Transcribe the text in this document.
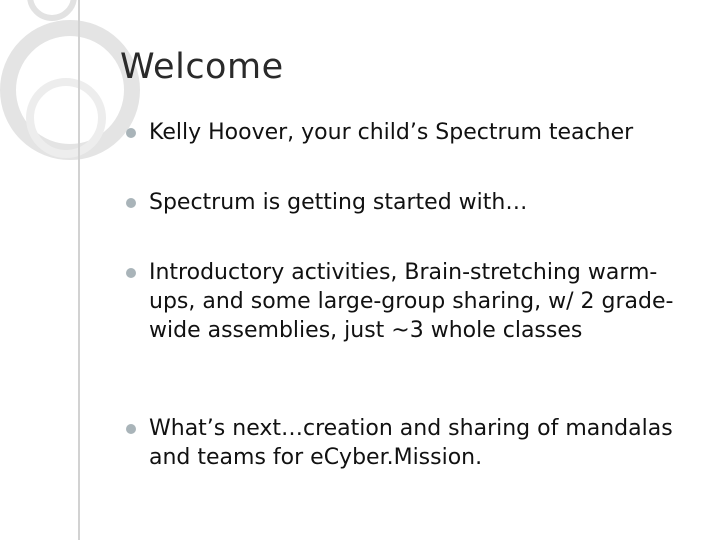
Welcome
Kelly Hoover, your child’s Spectrum teacher
Spectrum is getting started with…
Introductory activities, Brain-stretching warm-ups, and some large-group sharing, w/ 2 grade-wide assemblies, just ~3 whole classes
What’s next…creation and sharing of mandalas and teams for eCyber.Mission.
